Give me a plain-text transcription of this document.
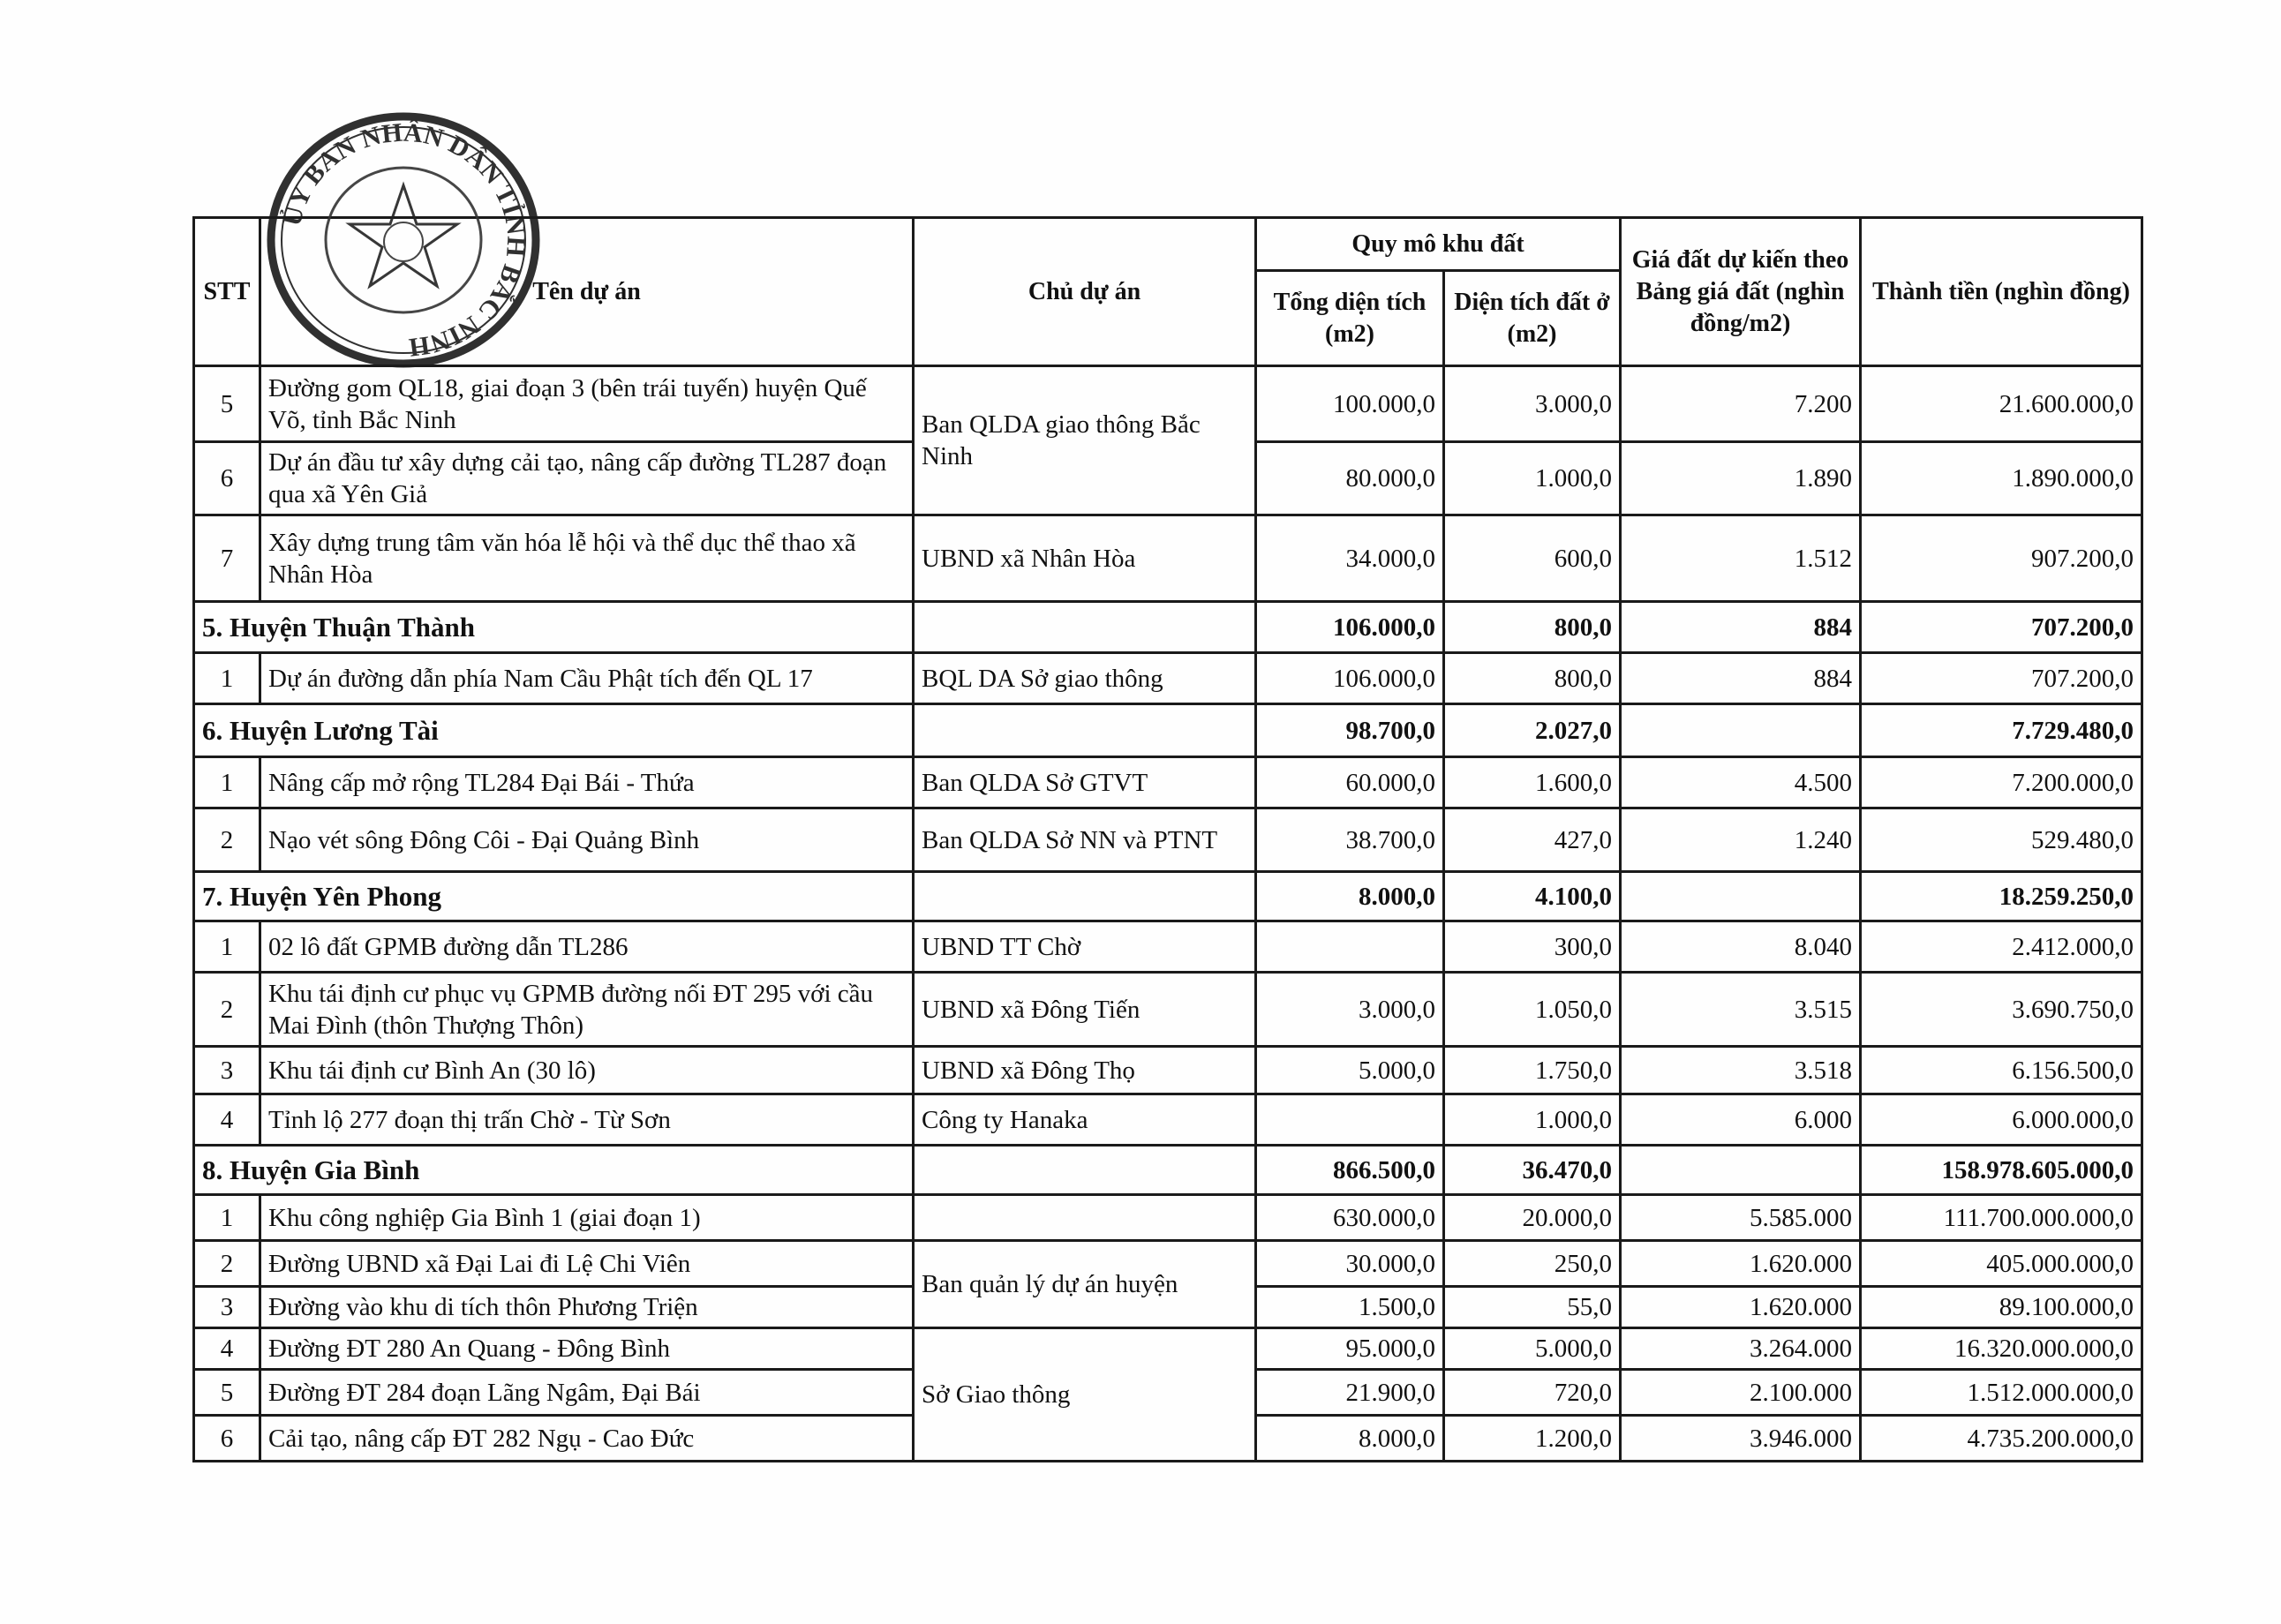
STT	Tên dự án	Chủ dự án	Quy mô khu đất		Giá đất dự kiến theo Bảng giá đất (nghìn đồng/m2)	Thành tiền (nghìn đồng)
			Tổng diện tích (m2)	Diện tích đất ở (m2)		
5	Đường gom QL18, giai đoạn 3 (bên trái tuyến) huyện Quế Võ, tỉnh Bắc Ninh	Ban QLDA giao thông Bắc Ninh	100.000,0	3.000,0	7.200	21.600.000,0
6	Dự án đầu tư xây dựng cải tạo, nâng cấp đường TL287 đoạn qua xã Yên Giả		80.000,0	1.000,0	1.890	1.890.000,0
7	Xây dựng trung tâm văn hóa lễ hội và thể dục thể thao xã Nhân Hòa	UBND xã Nhân Hòa	34.000,0	600,0	1.512	907.200,0
5. Huyện Thuận Thành			106.000,0	800,0	884	707.200,0
1	Dự án đường dẫn phía Nam Cầu Phật tích đến QL 17	BQL DA Sở giao thông	106.000,0	800,0	884	707.200,0
6. Huyện Lương Tài			98.700,0	2.027,0		7.729.480,0
1	Nâng cấp mở rộng TL284 Đại Bái - Thứa	Ban QLDA Sở GTVT	60.000,0	1.600,0	4.500	7.200.000,0
2	Nạo vét sông Đông Côi - Đại Quảng Bình	Ban QLDA Sở NN và PTNT	38.700,0	427,0	1.240	529.480,0
7. Huyện Yên Phong			8.000,0	4.100,0		18.259.250,0
1	02 lô đất GPMB đường dẫn TL286	UBND TT Chờ		300,0	8.040	2.412.000,0
2	Khu tái định cư phục vụ GPMB đường nối ĐT 295 với cầu Mai Đình (thôn Thượng Thôn)	UBND xã Đông Tiến	3.000,0	1.050,0	3.515	3.690.750,0
3	Khu tái định cư Bình An (30 lô)	UBND xã Đông Thọ	5.000,0	1.750,0	3.518	6.156.500,0
4	Tỉnh lộ 277 đoạn thị trấn Chờ - Từ Sơn	Công ty Hanaka		1.000,0	6.000	6.000.000,0
8. Huyện Gia Bình			866.500,0	36.470,0		158.978.605.000,0
1	Khu công nghiệp Gia Bình 1 (giai đoạn 1)		630.000,0	20.000,0	5.585.000	111.700.000.000,0
2	Đường UBND xã Đại Lai đi Lệ Chi Viên	Ban quản lý dự án huyện	30.000,0	250,0	1.620.000	405.000.000,0
3	Đường vào khu di tích thôn Phương Triện		1.500,0	55,0	1.620.000	89.100.000,0
4	Đường ĐT 280 An Quang - Đông Bình	Sở Giao thông	95.000,0	5.000,0	3.264.000	16.320.000.000,0
5	Đường ĐT 284 đoạn Lãng Ngâm, Đại Bái		21.900,0	720,0	2.100.000	1.512.000.000,0
6	Cải tạo, nâng cấp ĐT 282 Ngụ - Cao Đức		8.000,0	1.200,0	3.946.000	4.735.200.000,0
ỦY BAN NHÂN DÂN TỈNH BẮC NINH
